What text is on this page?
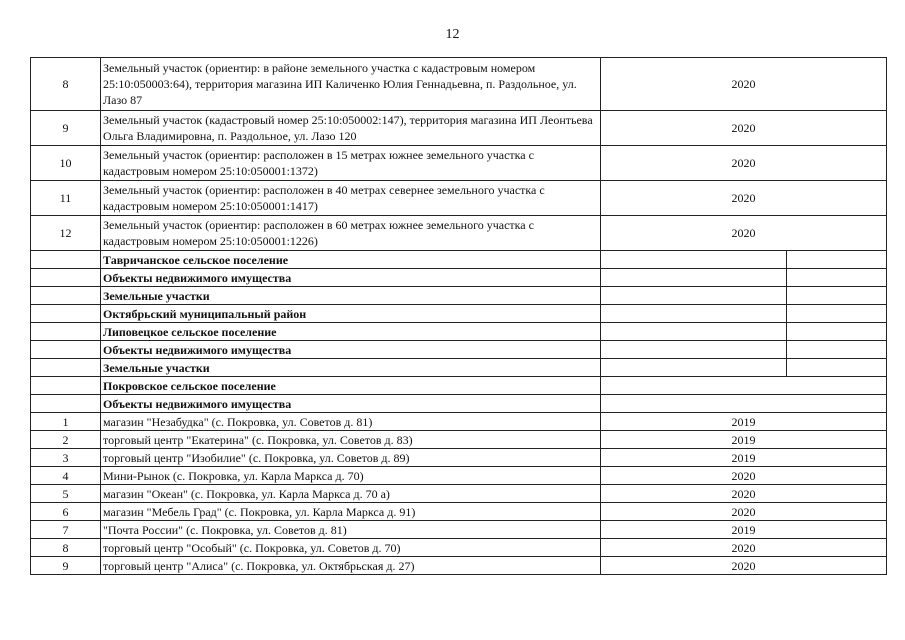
12
8	Земельный участок (ориентир: в районе земельного участка с кадастровым номером 25:10:050003:64), территория магазина ИП Каличенко Юлия Геннадьевна, п. Раздольное, ул. Лазо 87	2020	
9	Земельный участок (кадастровый номер 25:10:050002:147), территория магазина ИП Леонтьева Ольга Владимировна, п. Раздольное, ул. Лазо 120	2020	
10	Земельный участок (ориентир: расположен в 15 метрах южнее земельного участка с кадастровым номером 25:10:050001:1372)	2020	
11	Земельный участок (ориентир: расположен в 40 метрах севернее земельного участка с кадастровым номером 25:10:050001:1417)	2020	
12	Земельный участок (ориентир: расположен в 60 метрах южнее земельного участка с кадастровым номером 25:10:050001:1226)	2020	
	Тавричанское сельское поселение		
	Объекты недвижимого имущества		
	Земельные участки		
	Октябрьский муниципальный район		
	Липовецкое сельское поселение		
	Объекты недвижимого имущества		
	Земельные участки		
	Покровское сельское поселение		
	Объекты недвижимого имущества		
1	магазин "Незабудка" (с. Покровка, ул. Советов д. 81)	2019	
2	торговый центр "Екатерина" (с. Покровка, ул. Советов д. 83)	2019	
3	торговый центр "Изобилие" (с. Покровка, ул. Советов д. 89)	2019	
4	Мини-Рынок (с. Покровка, ул. Карла Маркса д. 70)	2020	
5	магазин "Океан" (с. Покровка, ул. Карла Маркса д. 70 а)	2020	
6	магазин "Мебель Град" (с. Покровка, ул. Карла Маркса д. 91)	2020	
7	"Почта России" (с. Покровка, ул. Советов д. 81)	2019	
8	торговый центр "Особый" (с. Покровка, ул. Советов д. 70)	2020	
9	торговый центр "Алиса" (с. Покровка, ул. Октябрьская д. 27)	2020	
